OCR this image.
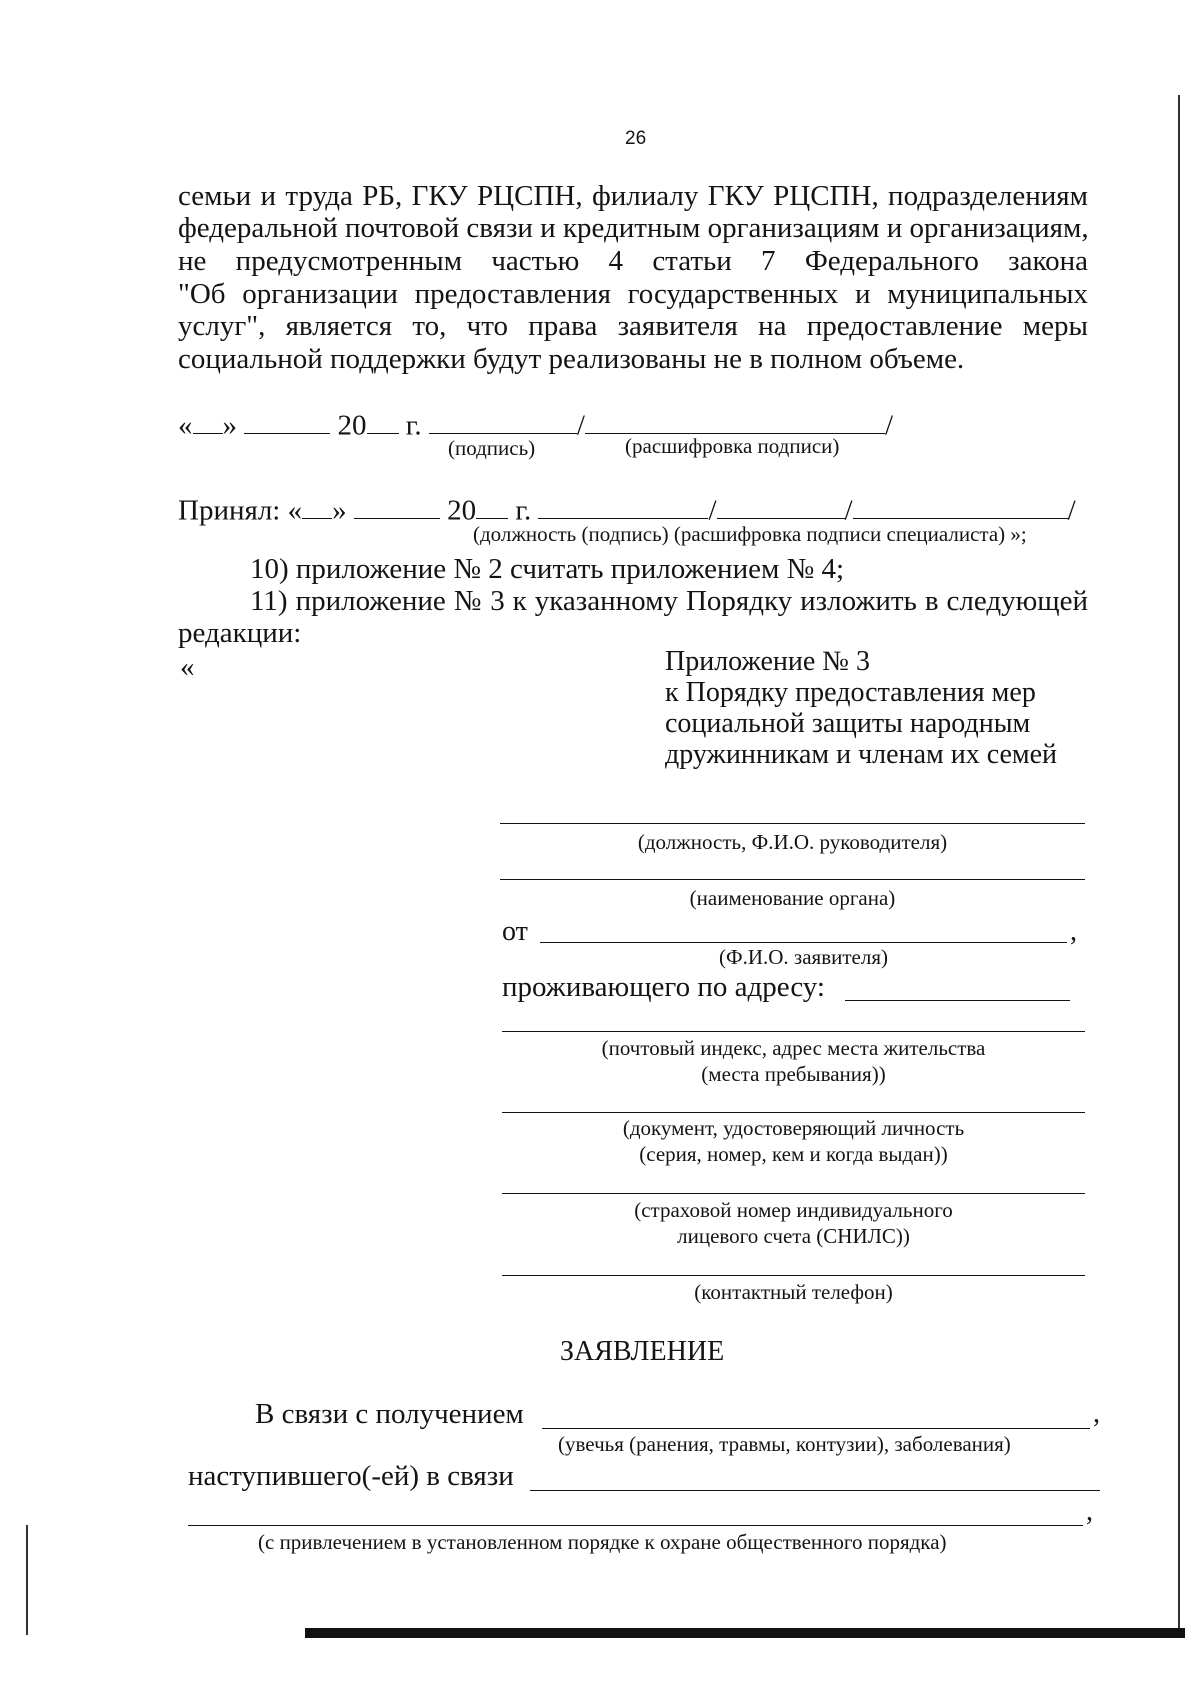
26
семьи и труда РБ, ГКУ РЦСПН, филиалу ГКУ РЦСПН, подразделениям
федеральной почтовой связи и кредитным организациям и организациям,
не предусмотренным частью 4 статьи 7 Федерального закона
"Об организации предоставления государственных и муниципальных
услуг", является то, что права заявителя на предоставление меры
социальной поддержки будут реализованы не в полном объеме.
« »	20 г.	/	/
(подпись)	(расшифровка подписи)
Принял: « »	20 г.	/	/	/
(должность (подпись) (расшифровка подписи специалиста) »;
10) приложение № 2 считать приложением № 4;
11) приложение № 3 к указанному Порядку изложить в следующей
редакции:
«	Приложение № 3
к Порядку предоставления мер
социальной защиты народным
дружинникам и членам их семей
(должность, Ф.И.О. руководителя)
(наименование органа)
от	,
(Ф.И.О. заявителя)
проживающего по адресу:
(почтовый индекс, адрес места жительства
(места пребывания))
(документ, удостоверяющий личность
(серия, номер, кем и когда выдан))
(страховой номер индивидуального
лицевого счета (СНИЛС))
(контактный телефон)
ЗАЯВЛЕНИЕ
В связи с получением	,
(увечья (ранения, травмы, контузии), заболевания)
наступившего(-ей) в связи
,
(с привлечением в установленном порядке к охране общественного порядка)
